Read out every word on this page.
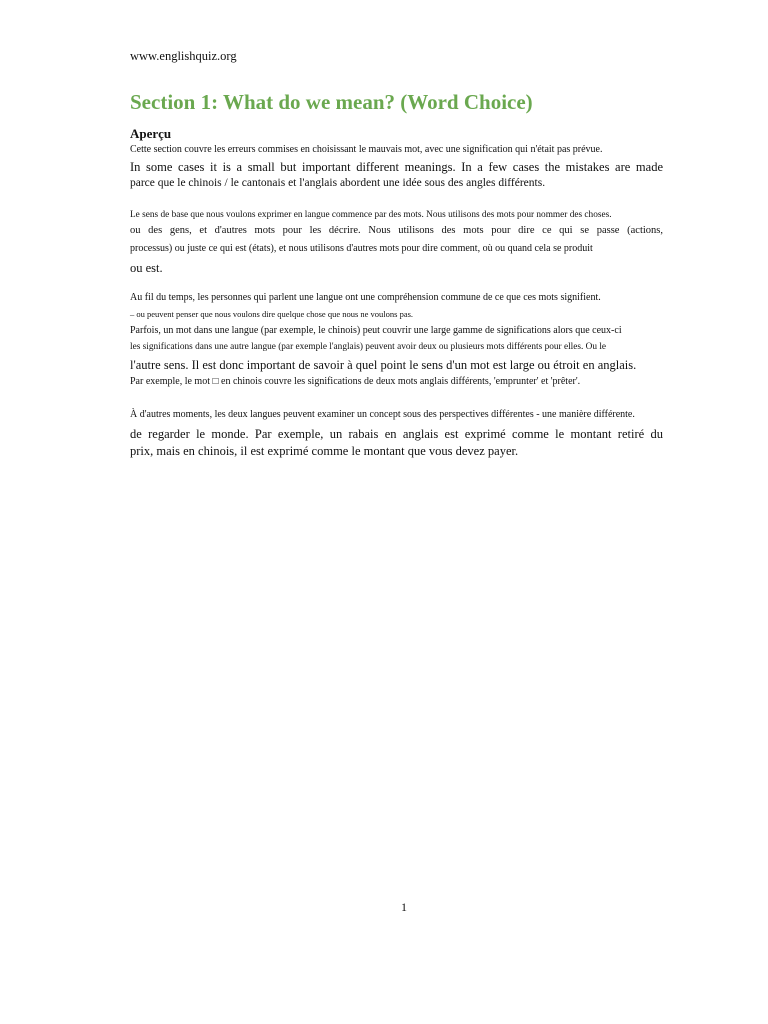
www.englishquiz.org
Section 1: What do we mean? (Word Choice)
Aperçu
Cette section couvre les erreurs commises en choisissant le mauvais mot, avec une signification qui n'était pas prévue.
In some cases it is a small but important different meanings. In a few cases the mistakes are made
parce que le chinois / le cantonais et l'anglais abordent une idée sous des angles différents.
Le sens de base que nous voulons exprimer en langue commence par des mots. Nous utilisons des mots pour nommer des choses.
ou des gens, et d'autres mots pour les décrire. Nous utilisons des mots pour dire ce qui se passe (actions,
processus) ou juste ce qui est (états), et nous utilisons d'autres mots pour dire comment, où ou quand cela se produit
ou est.
Au fil du temps, les personnes qui parlent une langue ont une compréhension commune de ce que ces mots signifient.
– ou peuvent penser que nous voulons dire quelque chose que nous ne voulons pas.
Parfois, un mot dans une langue (par exemple, le chinois) peut couvrir une large gamme de significations alors que ceux-ci
les significations dans une autre langue (par exemple l'anglais) peuvent avoir deux ou plusieurs mots différents pour elles. Ou le
l'autre sens. Il est donc important de savoir à quel point le sens d'un mot est large ou étroit en anglais.
Par exemple, le mot □ en chinois couvre les significations de deux mots anglais différents, 'emprunter' et 'prêter'.
À d'autres moments, les deux langues peuvent examiner un concept sous des perspectives différentes - une manière différente.
de regarder le monde. Par exemple, un rabais en anglais est exprimé comme le montant retiré du
prix, mais en chinois, il est exprimé comme le montant que vous devez payer.
1
